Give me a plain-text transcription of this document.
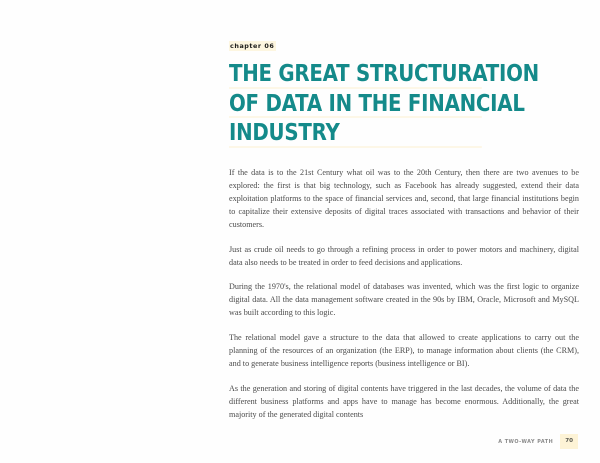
chapter 06
THE GREAT STRUCTURATION
OF DATA IN THE FINANCIAL
INDUSTRY

If the data is to the 21st Century what oil was to the 20th Century, then there are two avenues to be explored: the first is that big technology, such as Facebook has already suggested, extend their data exploitation platforms to the space of financial services and, second, that large financial institutions begin to capitalize their extensive deposits of digital traces associated with transactions and behavior of their customers.

Just as crude oil needs to go through a refining process in order to power motors and machinery, digital data also needs to be treated in order to feed decisions and applications.

During the 1970's, the relational model of databases was invented, which was the first logic to organize digital data. All the data management software created in the 90s by IBM, Oracle, Microsoft and MySQL was built according to this logic.

The relational model gave a structure to the data that allowed to create applications to carry out the planning of the resources of an organization (the ERP), to manage information about clients (the CRM), and to generate business intelligence reports (business intelligence or BI).

As the generation and storing of digital contents have triggered in the last decades, the volume of data the different business platforms and apps have to manage has become enormous. Additionally, the great majority of the generated digital contents

A TWO-WAY PATH	70
